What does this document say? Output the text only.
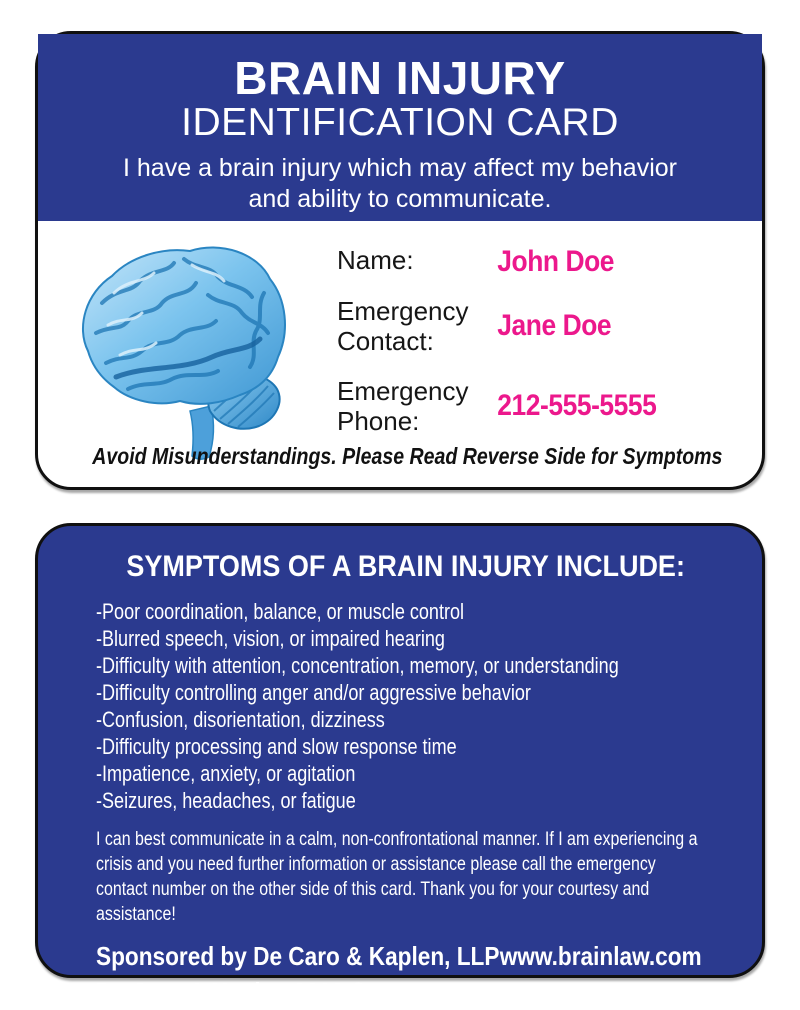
BRAIN INJURY
IDENTIFICATION CARD
I have a brain injury which may affect my behavior and ability to communicate.
Name:	John Doe
Emergency Contact:	Jane Doe
Emergency Phone:	212-555-5555
Avoid Misunderstandings. Please Read Reverse Side for Symptoms
SYMPTOMS OF A BRAIN INJURY INCLUDE:
-Poor coordination, balance, or muscle control
-Blurred speech, vision, or impaired hearing
-Difficulty with attention, concentration, memory, or understanding
-Difficulty controlling anger and/or aggressive behavior
-Confusion, disorientation, dizziness
-Difficulty processing and slow response time
-Impatience, anxiety, or agitation
-Seizures, headaches, or fatigue
I can best communicate in a calm, non-confrontational manner. If I am experiencing a crisis and you need further information or assistance please call the emergency contact number on the other side of this card. Thank you for your courtesy and assistance!
Sponsored by De Caro & Kaplen, LLP www.brainlaw.com
De Caro & Kaplen 2018 ©
